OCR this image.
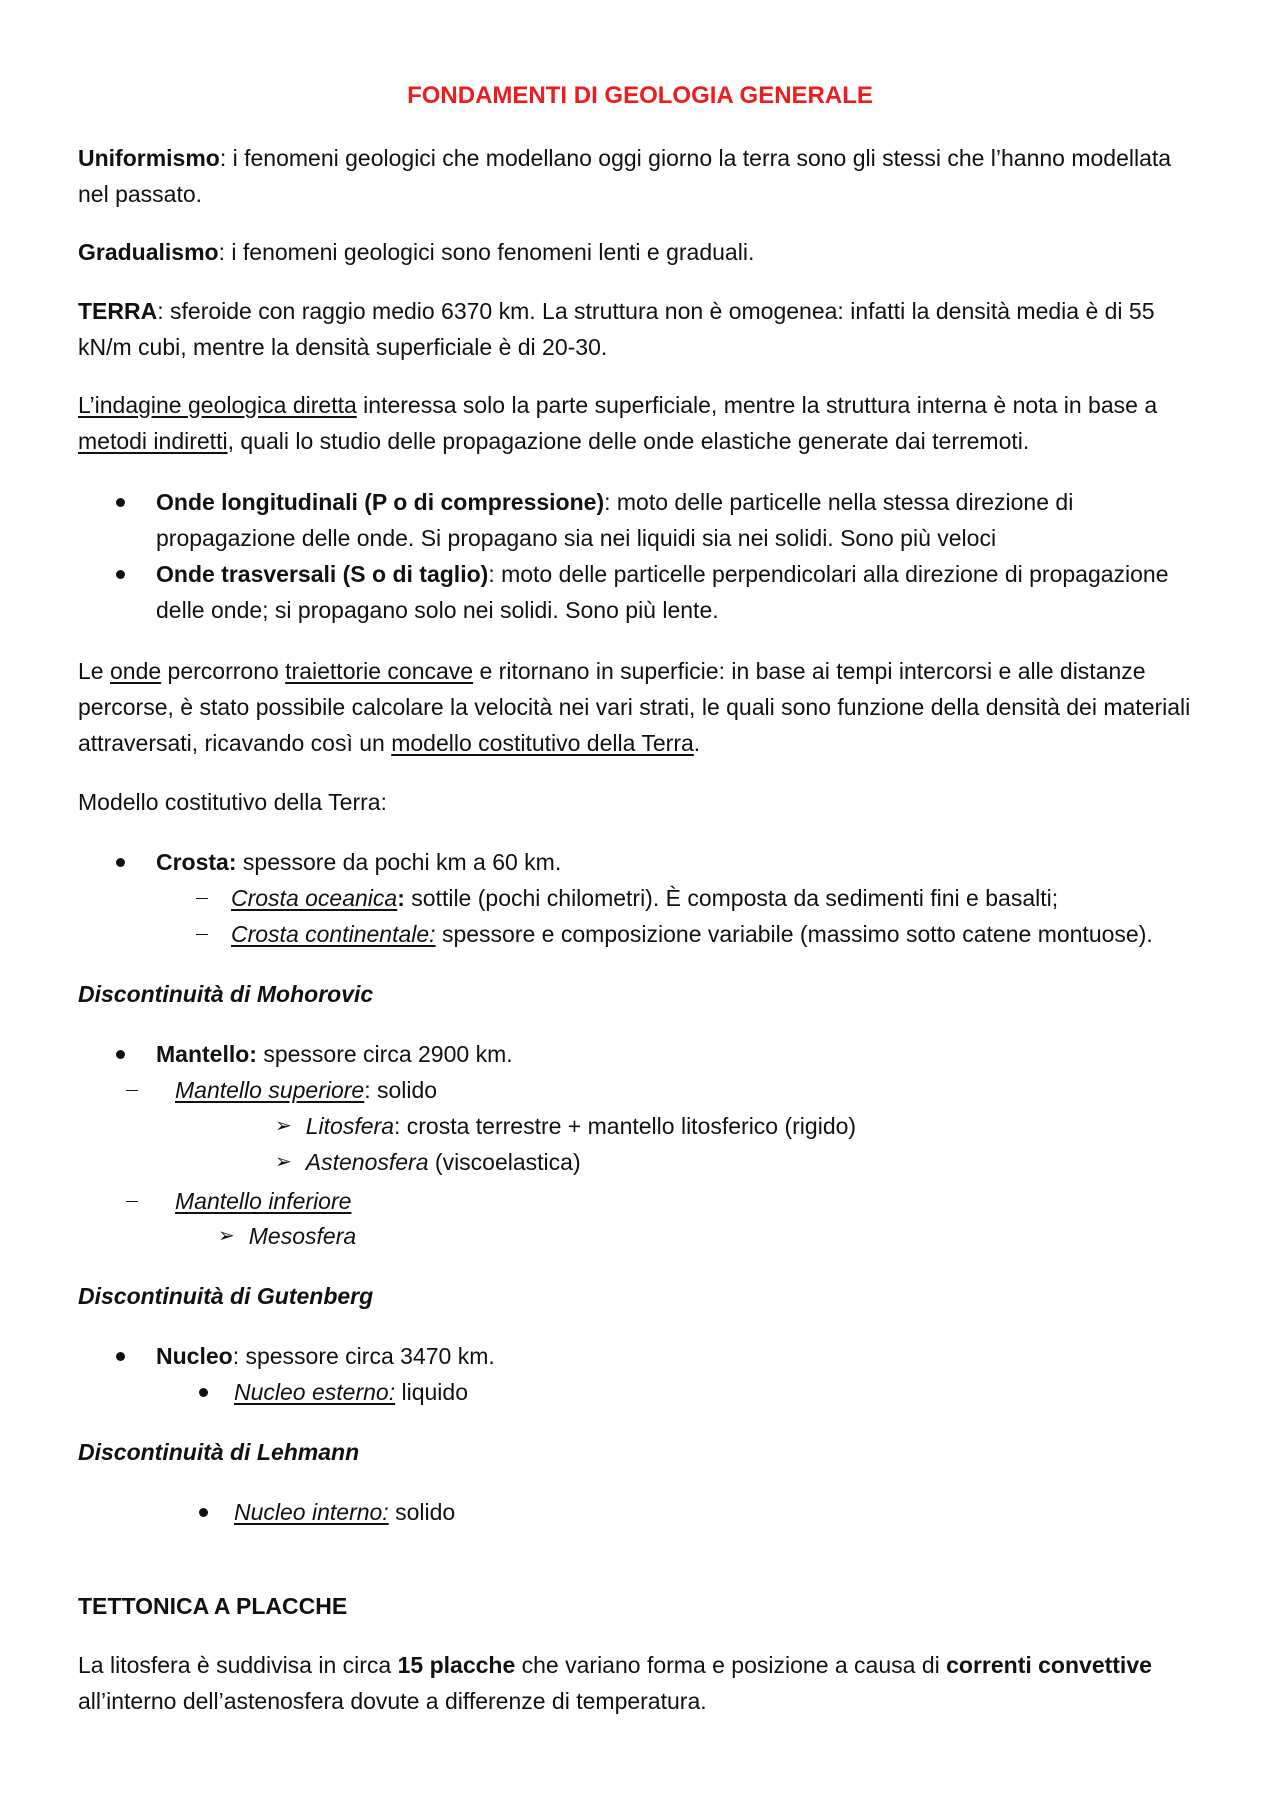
FONDAMENTI DI GEOLOGIA GENERALE

Uniformismo: i fenomeni geologici che modellano oggi giorno la terra sono gli stessi che l’hanno modellata nel passato.

Gradualismo: i fenomeni geologici sono fenomeni lenti e graduali.

TERRA: sferoide con raggio medio 6370 km. La struttura non è omogenea: infatti la densità media è di 55 kN/m cubi, mentre la densità superficiale è di 20-30.

L’indagine geologica diretta interessa solo la parte superficiale, mentre la struttura interna è nota in base a metodi indiretti, quali lo studio delle propagazione delle onde elastiche generate dai terremoti.

Onde longitudinali (P o di compressione): moto delle particelle nella stessa direzione di propagazione delle onde. Si propagano sia nei liquidi sia nei solidi. Sono più veloci
Onde trasversali (S o di taglio): moto delle particelle perpendicolari alla direzione di propagazione delle onde; si propagano solo nei solidi. Sono più lente.

Le onde percorrono traiettorie concave e ritornano in superficie: in base ai tempi intercorsi e alle distanze percorse, è stato possibile calcolare la velocità nei vari strati, le quali sono funzione della densità dei materiali attraversati, ricavando così un modello costitutivo della Terra.

Modello costitutivo della Terra:

Crosta: spessore da pochi km a 60 km.
Crosta oceanica: sottile (pochi chilometri). È composta da sedimenti fini e basalti;
Crosta continentale: spessore e composizione variabile (massimo sotto catene montuose).

Discontinuità di Mohorovic

Mantello: spessore circa 2900 km.
Mantello superiore: solido
➢ Litosfera: crosta terrestre + mantello litosferico (rigido)
➢ Astenosfera (viscoelastica)
Mantello inferiore
➢ Mesosfera

Discontinuità di Gutenberg

Nucleo: spessore circa 3470 km.
Nucleo esterno: liquido

Discontinuità di Lehmann

Nucleo interno: solido

TETTONICA A PLACCHE

La litosfera è suddivisa in circa 15 placche che variano forma e posizione a causa di correnti convettive all’interno dell’astenosfera dovute a differenze di temperatura.
